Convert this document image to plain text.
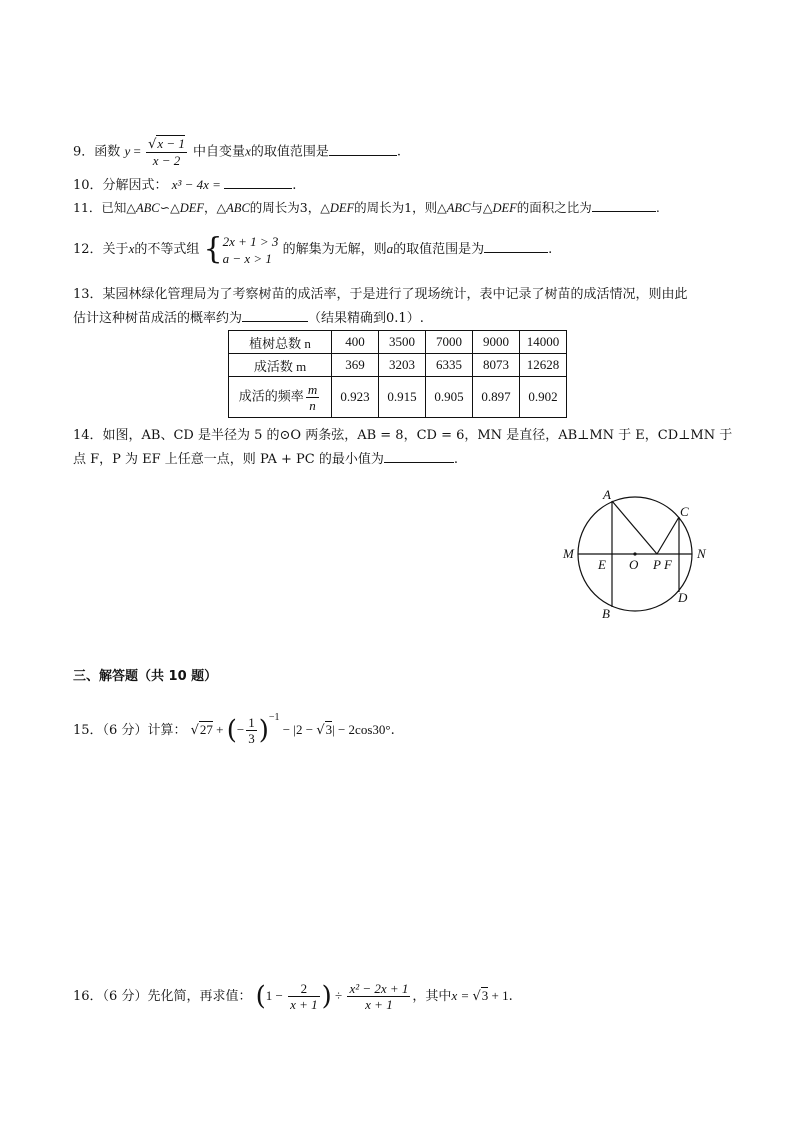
9．函数 $y = \frac{√x - 1}{x - 2}$ 中自变量x的取值范围是	.
10．分解因式： x³ − 4x =	.
11．已知△ABC∽△DEF，△ABC的周长为3，△DEF的周长为1，则△ABC与△DEF的面积之比为	.
12．关于x的不等式组 {2x + 1 > 3
a − x > 1 的解集为无解，则a的取值范围是为	.
13．某园林绿化管理局为了考察树苗的成活率，于是进行了现场统计，表中记录了树苗的成活情况，则由此
估计这种树苗成活的概率约为	（结果精确到0.1）.
植树总数 n	400	3500	7000	9000	14000
成活数 m	369	3203	6335	8073	12628
成活的频率 $\frac{m}{n}$	0.923	0.915	0.905	0.897	0.902
14．如图，AB、CD 是半径为 5 的⊙O 两条弦，AB = 8，CD = 6，MN 是直径，AB⊥MN 于 E，CD⊥MN 于
点 F，P 为 EF 上任意一点，则 PA + PC 的最小值为	.
A
B
C
D
M	N
E O P F
三、解答题（共 10 题）
15．（6 分）计算： √27 + (− $\frac{1}{3} )^{-1} - |2 - √3| - 2\cos 30^\circ$.
16．（6 分）先化简，再求值： ($1 - \frac{2}{x + 1}$ ) ÷ $\frac{\text{x² − 2x + 1}}{x + 1}$ ，其中x = √3 + 1.
